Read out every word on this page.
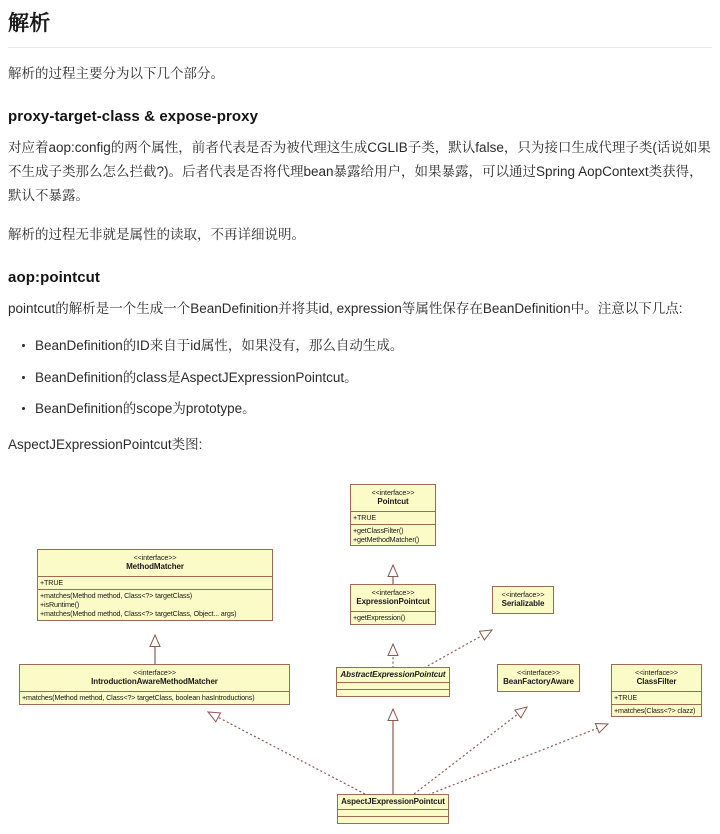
解析

解析的过程主要分为以下几个部分。

proxy-target-class & expose-proxy

对应着aop:config的两个属性，前者代表是否为被代理这生成CGLIB子类，默认false，只为接口生成代理子类(话说如果不生成子类那么怎么拦截?)。后者代表是否将代理bean暴露给用户，如果暴露，可以通过Spring AopContext类获得，默认不暴露。

解析的过程无非就是属性的读取，不再详细说明。

aop:pointcut

pointcut的解析是一个生成一个BeanDefinition并将其id, expression等属性保存在BeanDefinition中。注意以下几点:

BeanDefinition的ID来自于id属性，如果没有，那么自动生成。
BeanDefinition的class是AspectJExpressionPointcut。
BeanDefinition的scope为prototype。

AspectJExpressionPointcut类图:

<<interface>>
Pointcut
+TRUE
+getClassFilter()
+getMethodMatcher()
<<interface>>
MethodMatcher
+TRUE
+matches(Method method, Class<?> targetClass)
+isRuntime()
+matches(Method method, Class<?> targetClass, Object... args)
<<interface>>
ExpressionPointcut
+getExpression()
<<interface>>
Serializable
<<interface>>
IntroductionAwareMethodMatcher
+matches(Method method, Class<?> targetClass, boolean hasIntroductions)
AbstractExpressionPointcut	<<interface>>
BeanFactoryAware
<<interface>>
ClassFilter
+TRUE
+matches(Class<?> clazz)
AspectJExpressionPointcut
